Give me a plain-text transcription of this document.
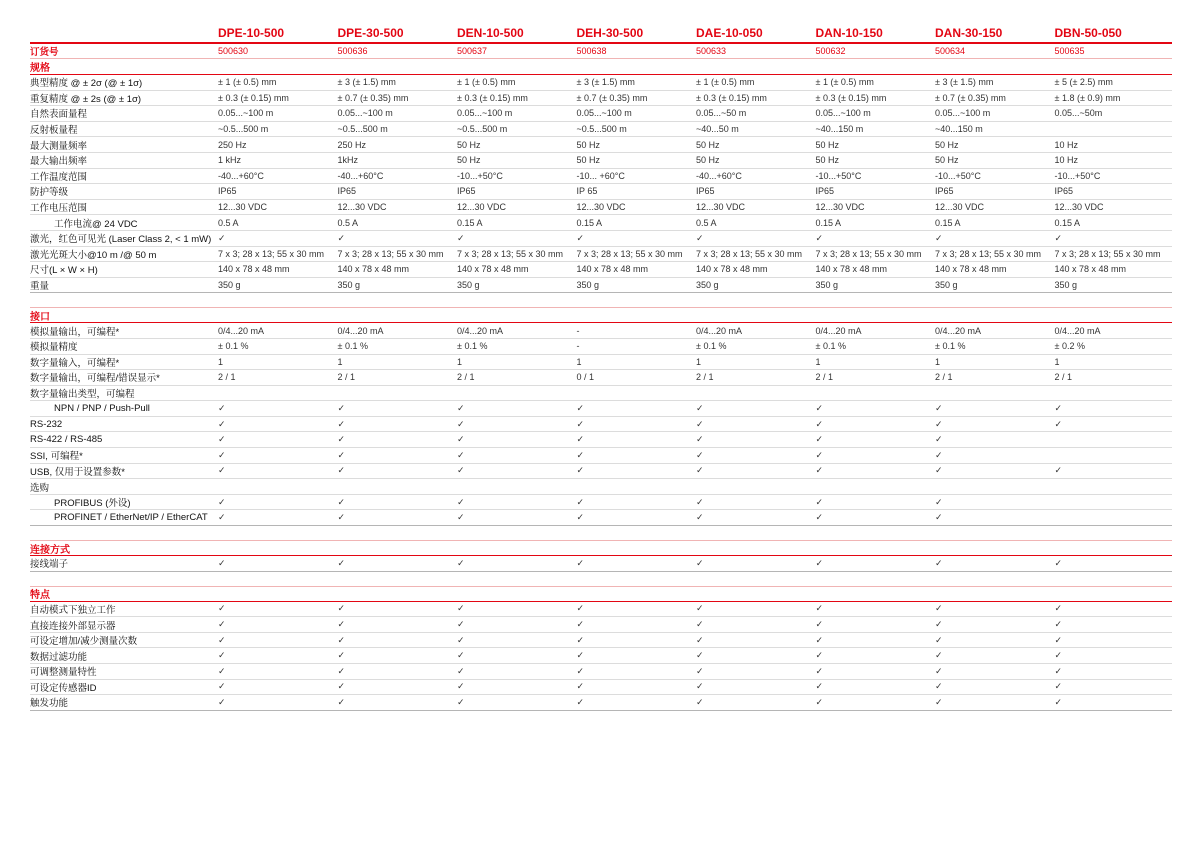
DPE-10-500	DPE-30-500	DEN-10-500	DEH-30-500	DAE-10-050	DAN-10-150	DAN-30-150	DBN-50-050
订货号	500630	500636	500637	500638	500633	500632	500634	500635
规格
典型精度 @ ± 2σ (@ ± 1σ)	± 1 (± 0.5) mm	± 3 (± 1.5) mm	± 1 (± 0.5) mm	± 3 (± 1.5) mm	± 1 (± 0.5) mm	± 1 (± 0.5) mm	± 3 (± 1.5) mm	± 5 (± 2.5) mm
重复精度 @ ± 2s (@ ± 1σ)	± 0.3 (± 0.15) mm	± 0.7 (± 0.35) mm	± 0.3 (± 0.15) mm	± 0.7 (± 0.35) mm	± 0.3 (± 0.15) mm	± 0.3 (± 0.15) mm	± 0.7 (± 0.35) mm	± 1.8 (± 0.9) mm
自然表面量程	0.05...~100 m	0.05...~100 m	0.05...~100 m	0.05...~100 m	0.05...~50 m	0.05...~100 m	0.05...~100 m	0.05...~50m
反射板量程	~0.5...500 m	~0.5...500 m	~0.5...500 m	~0.5...500 m	~40...50 m	~40...150 m	~40...150 m
最大测量频率	250 Hz	250 Hz	50 Hz	50 Hz	50 Hz	50 Hz	50 Hz	10 Hz
最大输出频率	1 kHz	1kHz	50 Hz	50 Hz	50 Hz	50 Hz	50 Hz	10 Hz
工作温度范围	-40...+60°C	-40...+60°C	-10...+50°C	-10... +60°C	-40...+60°C	-10...+50°C	-10...+50°C	-10...+50°C
防护等级	IP65	IP65	IP65	IP 65	IP65	IP65	IP65	IP65
工作电压范围	12...30 VDC	12...30 VDC	12...30 VDC	12...30 VDC	12...30 VDC	12...30 VDC	12...30 VDC	12...30 VDC
工作电流@ 24 VDC	0.5 A	0.5 A	0.15 A	0.15 A	0.5 A	0.15 A	0.15 A	0.15 A
激光，红色可见光 (Laser Class 2, < 1 mW) ✓	✓	✓	✓	✓	✓	✓	✓
激光光斑大小@10 m /@ 50 m	7 x 3; 28 x 13; 55 x 30 mm	7 x 3; 28 x 13; 55 x 30 mm	7 x 3; 28 x 13; 55 x 30 mm	7 x 3; 28 x 13; 55 x 30 mm	7 x 3; 28 x 13; 55 x 30 mm	7 x 3; 28 x 13; 55 x 30 mm	7 x 3; 28 x 13; 55 x 30 mm	7 x 3; 28 x 13; 55 x 30 mm
尺寸(L × W × H)	140 x 78 x 48 mm	140 x 78 x 48 mm	140 x 78 x 48 mm	140 x 78 x 48 mm	140 x 78 x 48 mm	140 x 78 x 48 mm	140 x 78 x 48 mm	140 x 78 x 48 mm
重量	350 g	350 g	350 g	350 g	350 g	350 g	350 g	350 g
接口
模拟量输出，可编程*	0/4...20 mA	0/4...20 mA	0/4...20 mA	-	0/4...20 mA	0/4...20 mA	0/4...20 mA	0/4...20 mA
模拟量精度	± 0.1 %	± 0.1 %	± 0.1 %	-	± 0.1 %	± 0.1 %	± 0.1 %	± 0.2 %
数字量输入，可编程*	1	1	1	1	1	1	1	1
数字量输出，可编程/错误显示*	2 / 1	2 / 1	2 / 1	0 / 1	2 / 1	2 / 1	2 / 1	2 / 1
数字量输出类型，可编程
NPN / PNP / Push-Pull	✓	✓	✓	✓	✓	✓	✓	✓
RS-232	✓	✓	✓	✓	✓	✓	✓	✓
RS-422 / RS-485	✓	✓	✓	✓	✓	✓	✓
SSI, 可编程*	✓	✓	✓	✓	✓	✓	✓
USB, 仅用于设置参数*	✓	✓	✓	✓	✓	✓	✓	✓
选购
PROFIBUS (外设)	✓	✓	✓	✓	✓	✓	✓
PROFINET / EtherNet/IP / EtherCAT	✓	✓	✓	✓	✓	✓	✓
连接方式
接线端子	✓	✓	✓	✓	✓	✓	✓	✓
特点
自动模式下独立工作	✓	✓	✓	✓	✓	✓	✓	✓
直接连接外部显示器	✓	✓	✓	✓	✓	✓	✓	✓
可设定增加/减少测量次数	✓	✓	✓	✓	✓	✓	✓	✓
数据过滤功能	✓	✓	✓	✓	✓	✓	✓	✓
可调整测量特性	✓	✓	✓	✓	✓	✓	✓	✓
可设定传感器ID	✓	✓	✓	✓	✓	✓	✓	✓
触发功能	✓	✓	✓	✓	✓	✓	✓	✓
